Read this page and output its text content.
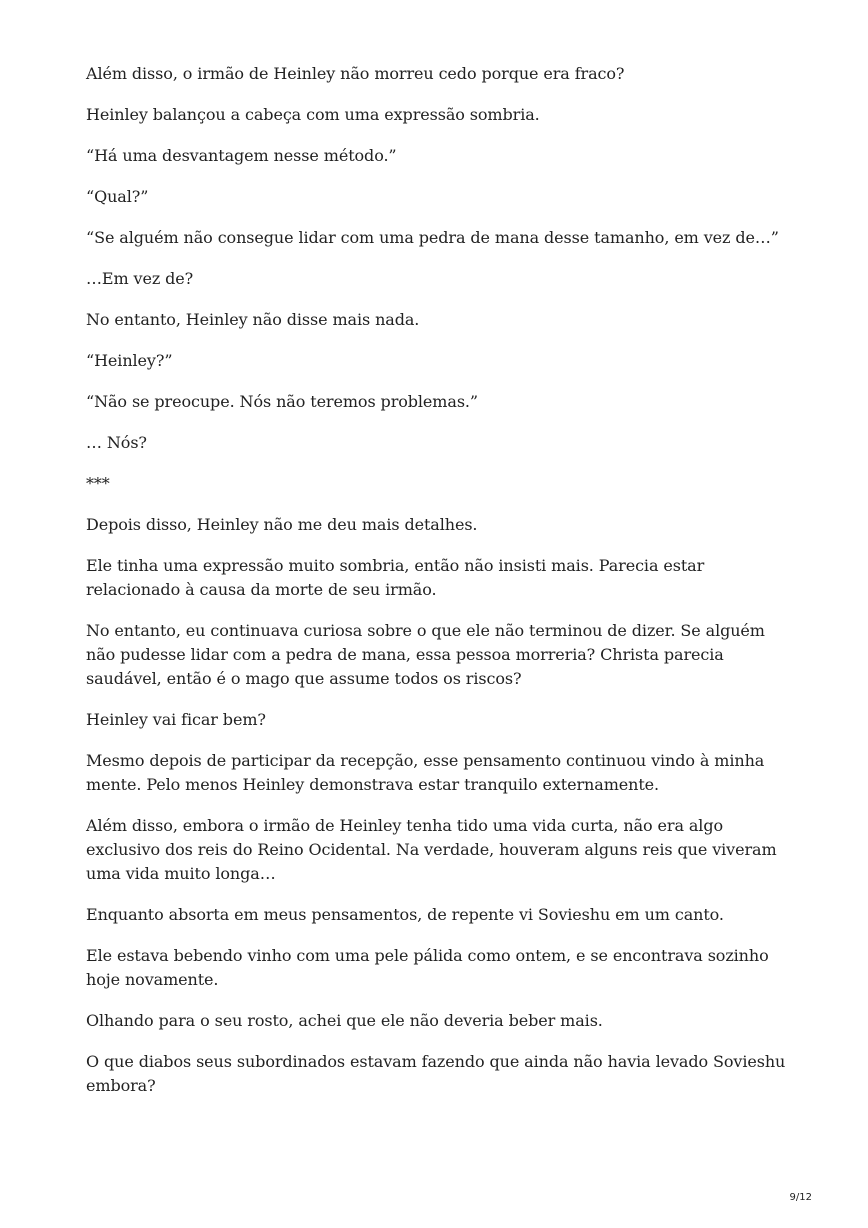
Além disso, o irmão de Heinley não morreu cedo porque era fraco?

Heinley balançou a cabeça com uma expressão sombria.

“Há uma desvantagem nesse método.”

“Qual?”

“Se alguém não consegue lidar com uma pedra de mana desse tamanho, em vez de…”

…Em vez de?

No entanto, Heinley não disse mais nada.

“Heinley?”

“Não se preocupe. Nós não teremos problemas.”

… Nós?

***

Depois disso, Heinley não me deu mais detalhes.

Ele tinha uma expressão muito sombria, então não insisti mais. Parecia estar relacionado à causa da morte de seu irmão.

No entanto, eu continuava curiosa sobre o que ele não terminou de dizer. Se alguém não pudesse lidar com a pedra de mana, essa pessoa morreria? Christa parecia saudável, então é o mago que assume todos os riscos?

Heinley vai ficar bem?

Mesmo depois de participar da recepção, esse pensamento continuou vindo à minha mente. Pelo menos Heinley demonstrava estar tranquilo externamente.

Além disso, embora o irmão de Heinley tenha tido uma vida curta, não era algo exclusivo dos reis do Reino Ocidental. Na verdade, houveram alguns reis que viveram uma vida muito longa…

Enquanto absorta em meus pensamentos, de repente vi Sovieshu em um canto.

Ele estava bebendo vinho com uma pele pálida como ontem, e se encontrava sozinho hoje novamente.

Olhando para o seu rosto, achei que ele não deveria beber mais.

O que diabos seus subordinados estavam fazendo que ainda não havia levado Sovieshu embora?

9/12
